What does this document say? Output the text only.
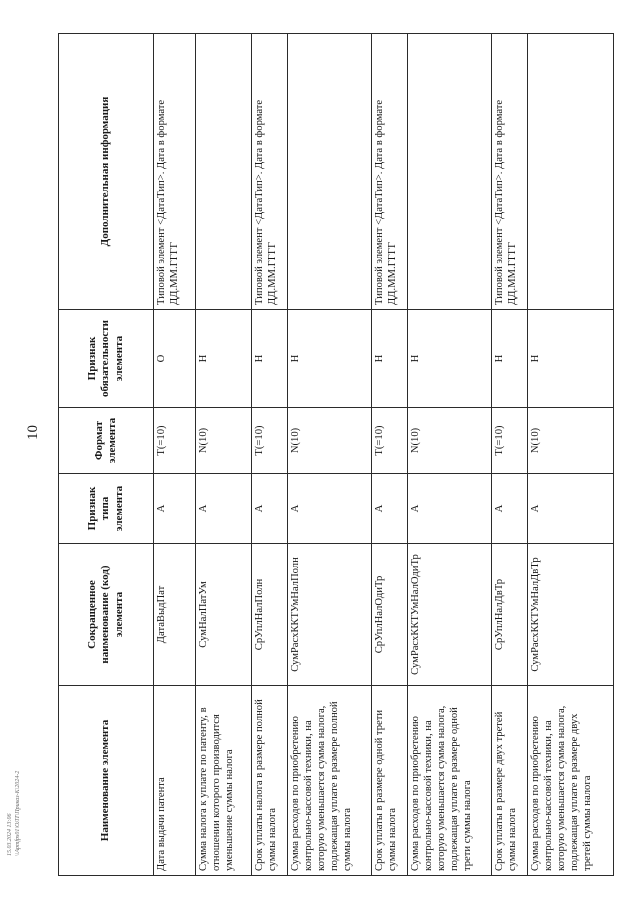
10
Наименование элемента	Сокращенное наименование (код) элемента	Признак типа элемента	Формат элемента	Признак обязательности элемента	Дополнительная информация
Дата выдачи патента	ДатаВыдПат	А	T(=10)	О	Типовой элемент <ДатаТип>. Дата в формате ДД.ММ.ГГГГ
Сумма налога к уплате по патенту, в отношении которого производится уменьшение суммы налога	СумНалПатУм	А	N(10)	Н	
Срок уплаты налога в размере полной суммы налога	СрУплНалПолн	А	T(=10)	Н	Типовой элемент <ДатаТип>. Дата в формате ДД.ММ.ГГГГ
Сумма расходов по приобретению контрольно-кассовой техники, на которую уменьшается сумма налога, подлежащая уплате в размере полной суммы налога	СумРасхККТУмНалПолн	А	N(10)	Н	
Срок уплаты в размере одной трети суммы налога	СрУплНалОдиТр	А	T(=10)	Н	Типовой элемент <ДатаТип>. Дата в формате ДД.ММ.ГГГГ
Сумма расходов по приобретению контрольно-кассовой техники, на которую уменьшается сумма налога, подлежащая уплате в размере одной трети суммы налога	СумРасхККТУмНалОдиТр	А	N(10)	Н	
Срок уплаты в размере двух третей суммы налога	СрУплНалДвТр	А	T(=10)	Н	Типовой элемент <ДатаТип>. Дата в формате ДД.ММ.ГГГГ
Сумма расходов по приобретению контрольно-кассовой техники, на которую уменьшается сумма налога, подлежащая уплате в размере двух третей суммы налога	СумРасхККТУмНалДвТр	А	N(10)	Н	
15.03.2024 13:06 \\Apmfps01\ОЛТ\Приказ-К\2024-2
